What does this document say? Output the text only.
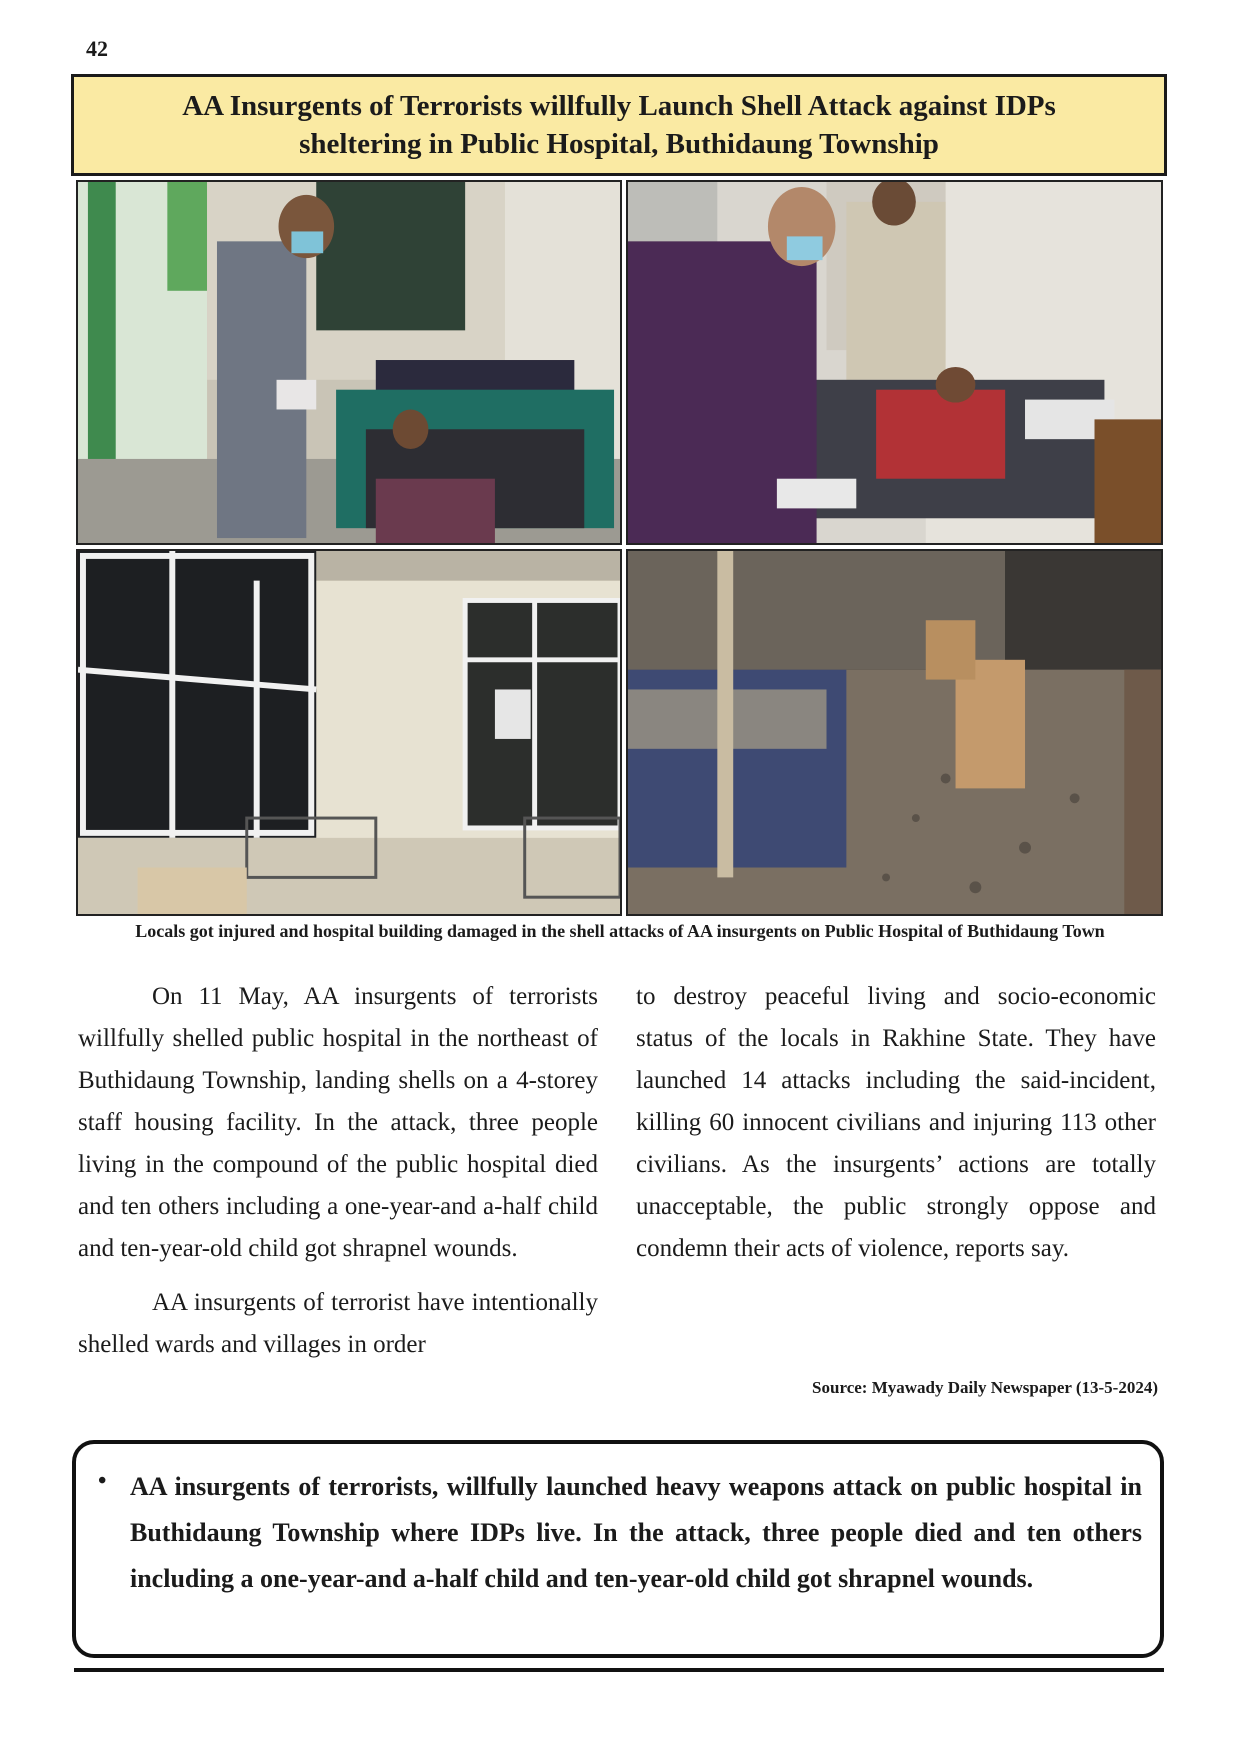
42
AA Insurgents of Terrorists willfully Launch Shell Attack against IDPs sheltering in Public Hospital, Buthidaung Township
Locals got injured and hospital building damaged in the shell attacks of AA insurgents on Public Hospital of Buthidaung Town

On 11 May, AA insurgents of terrorists willfully shelled public hospital in the northeast of Buthidaung Township, landing shells on a 4-storey staff housing facility. In the attack, three people living in the compound of the public hospital died and ten others including a one-year-and a-half child and ten-year-old child got shrapnel wounds.

AA insurgents of terrorist have intentionally shelled wards and villages in order

to destroy peaceful living and socio-economic status of the locals in Rakhine State. They have launched 14 attacks including the said-incident, killing 60 innocent civilians and injuring 113 other civilians. As the insurgents’ actions are totally unacceptable, the public strongly oppose and condemn their acts of violence, reports say.

Source: Myawady Daily Newspaper (13-5-2024)
• AA insurgents of terrorists, willfully launched heavy weapons attack on public hospital in Buthidaung Township where IDPs live. In the attack, three people died and ten others including a one-year-and a-half child and ten-year-old child got shrapnel wounds.
